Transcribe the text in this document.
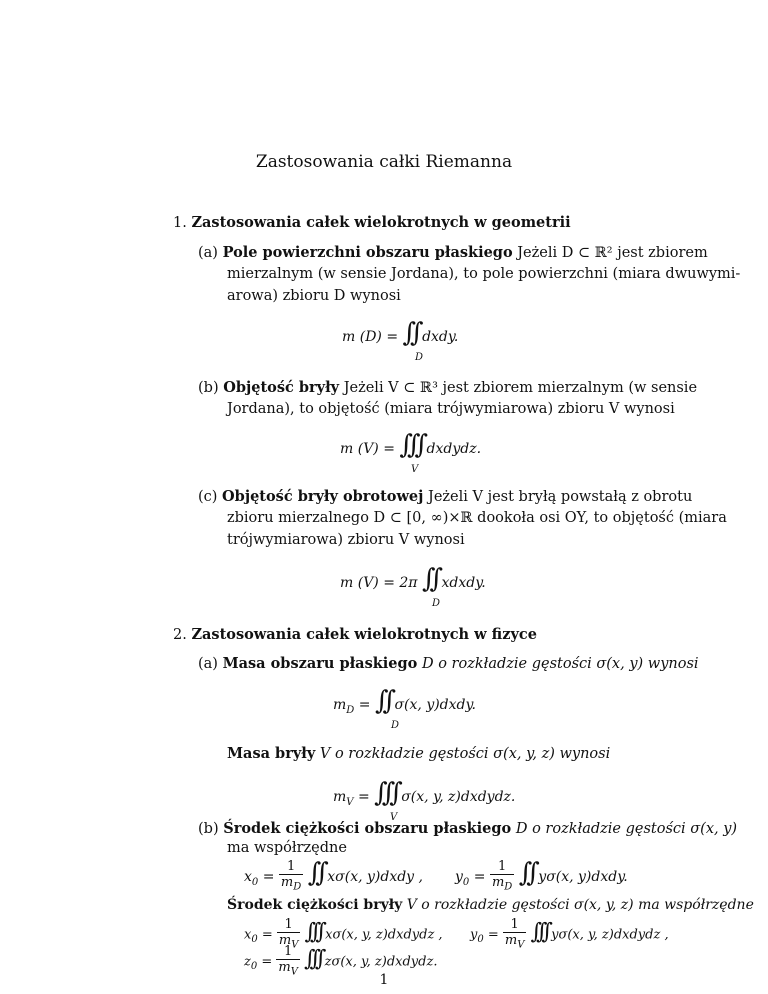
Zastosowania całki Riemanna
1. Zastosowania całek wielokrotnych w geometrii
(a) Pole powierzchni obszaru płaskiego Jeżeli D ⊂ ℝ² jest zbiorem
mierzalnym (w sensie Jordana), to pole powierzchni (miara dwuwymi-
arowa) zbioru D wynosi
m (D) = ∫∫ dxdy.
D
(b) Objętość bryły Jeżeli V ⊂ ℝ³ jest zbiorem mierzalnym (w sensie
Jordana), to objętość (miara trójwymiarowa) zbioru V wynosi
m (V) = ∫∫∫ dxdydz.
V
(c) Objętość bryły obrotowej Jeżeli V jest bryłą powstałą z obrotu
zbioru mierzalnego D ⊂ [0, ∞)×ℝ dookoła osi OY, to objętość (miara
trójwymiarowa) zbioru V wynosi
m (V) = 2π ∫∫ xdxdy.
D
2. Zastosowania całek wielokrotnych w fizyce
(a) Masa obszaru płaskiego D o rozkładzie gęstości σ(x, y) wynosi
$m_D$ = ∫∫ σ(x, y)dxdy.
D
Masa bryły V o rozkładzie gęstości σ(x, y, z) wynosi
$m_V$ = ∫∫∫ σ(x, y, z)dxdydz.
V
(b) Środek ciężkości obszaru płaskiego D o rozkładzie gęstości σ(x, y)
ma współrzędne
$x_0 = \frac{1}{m_D}$ ∫∫ xσ(x, y)dxdy , $y_0 = \frac{1}{m_D}$ ∫∫ yσ(x, y)dxdy.
1
Środek ciężkości bryły V o rozkładzie gęstości σ(x, y, z) ma współrzędne
$x_0 = \frac{1}{m_V}$ ∫∫∫ xσ(x, y, z)dxdydz , $y_0 = \frac{1}{m_V}$ ∫∫∫ yσ(x, y, z)dxdydz ,
$z_0 = \frac{1}{m_V}$ ∫∫∫ zσ(x, y, z)dxdydz.
